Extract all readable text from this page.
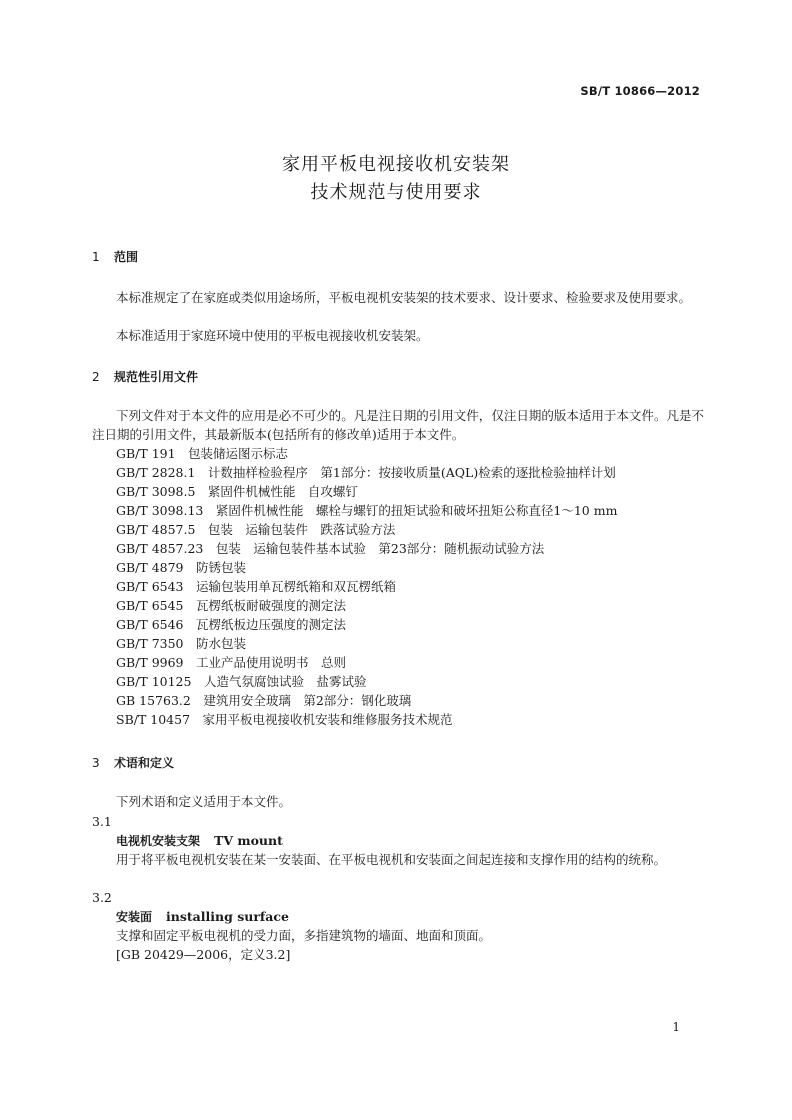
SB/T 10866—2012
家用平板电视接收机安装架
技术规范与使用要求
1 范围
本标准规定了在家庭或类似用途场所，平板电视机安装架的技术要求、设计要求、检验要求及使用要求。
本标准适用于家庭环境中使用的平板电视接收机安装架。
2 规范性引用文件
下列文件对于本文件的应用是必不可少的。凡是注日期的引用文件，仅注日期的版本适用于本文件。凡是不注日期的引用文件，其最新版本(包括所有的修改单)适用于本文件。
GB/T 191　包装储运图示标志
GB/T 2828.1　计数抽样检验程序　第1部分：按接收质量(AQL)检索的逐批检验抽样计划
GB/T 3098.5　紧固件机械性能　自攻螺钉
GB/T 3098.13　紧固件机械性能　螺栓与螺钉的扭矩试验和破坏扭矩公称直径1～10 mm
GB/T 4857.5　包装　运输包装件　跌落试验方法
GB/T 4857.23　包装　运输包装件基本试验　第23部分：随机振动试验方法
GB/T 4879　防锈包装
GB/T 6543　运输包装用单瓦楞纸箱和双瓦楞纸箱
GB/T 6545　瓦楞纸板耐破强度的测定法
GB/T 6546　瓦楞纸板边压强度的测定法
GB/T 7350　防水包装
GB/T 9969　工业产品使用说明书　总则
GB/T 10125　人造气氛腐蚀试验　盐雾试验
GB 15763.2　建筑用安全玻璃　第2部分：钢化玻璃
SB/T 10457　家用平板电视接收机安装和维修服务技术规范
3 术语和定义
下列术语和定义适用于本文件。
3.1
电视机安装支架 TV mount
用于将平板电视机安装在某一安装面、在平板电视机和安装面之间起连接和支撑作用的结构的统称。
3.2
安装面 installing surface
支撑和固定平板电视机的受力面，多指建筑物的墙面、地面和顶面。
[GB 20429—2006，定义3.2]
1
